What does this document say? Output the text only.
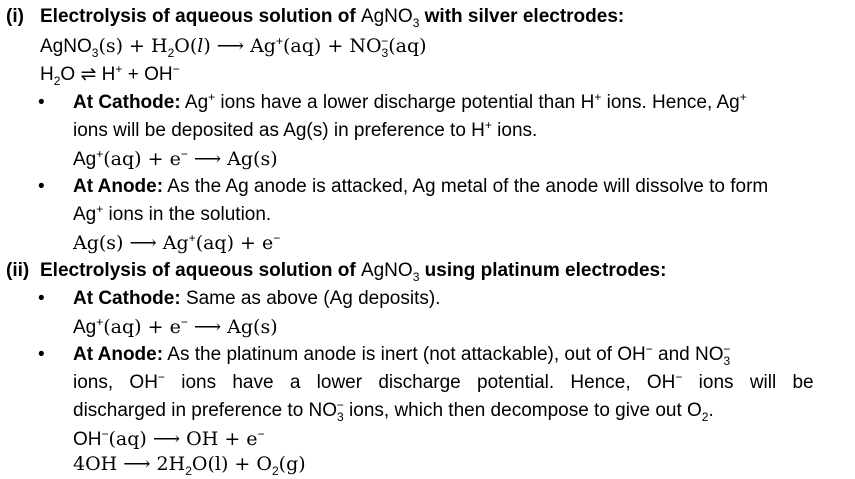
(i) Electrolysis of aqueous solution of AgNO$_3$ with silver electrodes:
AgNO$_3$(s) + $H_2O(l)$ ⟶ $Ag^+(aq) + NO_3^-(aq)$
$H_2O$ ⇌ H+ + OH−
• At Cathode: Ag+ ions have a lower discharge potential than H+ ions. Hence, Ag+
ions will be deposited as Ag(s) in preference to H+ ions.
Ag+(aq) + e− ⟶ Ag(s)
• At Anode: As the Ag anode is attacked, Ag metal of the anode will dissolve to form
Ag+ ions in the solution.
Ag(s) ⟶ Ag+(aq) + e−
(ii) Electrolysis of aqueous solution of AgNO$_3$ using platinum electrodes:
• At Cathode: Same as above (Ag deposits).
Ag+(aq) + e− ⟶ Ag(s)
• At Anode: As the platinum anode is inert (not attackable), out of OH− and $NO_3^-$
ions, OH− ions have a lower discharge potential. Hence, OH− ions will be
discharged in preference to $NO_3^-$ ions, which then decompose to give out $O_2$.
OH−(aq) ⟶ OH + e−
4OH ⟶ $2H_2O(l) + O_2(g)$
